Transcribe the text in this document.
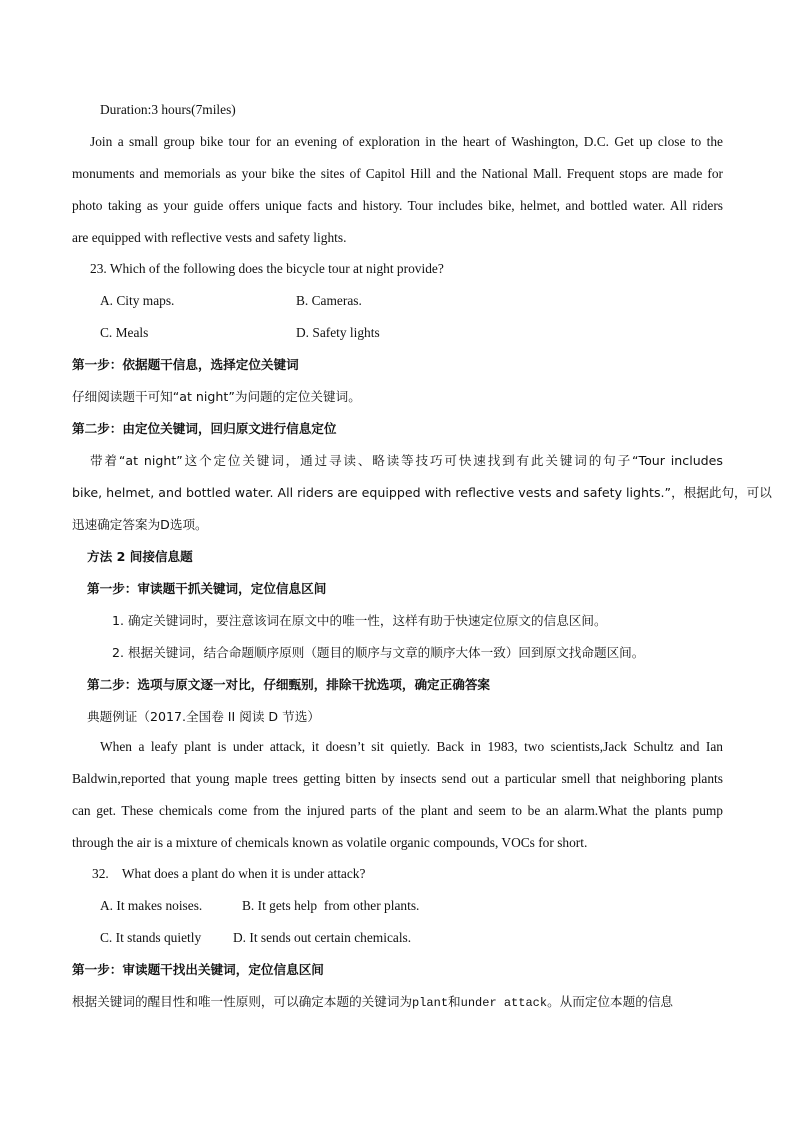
Duration:3 hours(7miles)
Join a small group bike tour for an evening of exploration in the heart of Washington, D.C. Get up close to the
monuments and memorials as your bike the sites of Capitol Hill and the National Mall. Frequent stops are made for
photo taking as your guide offers unique facts and history. Tour includes bike, helmet, and bottled water. All riders
are equipped with reflective vests and safety lights.
23. Which of the following does the bicycle tour at night provide?
A. City maps.	B. Cameras.
C. Meals	D. Safety lights
第一步：依据题干信息，选择定位关键词
仔细阅读题干可知“at night”为问题的定位关键词。
第二步：由定位关键词，回归原文进行信息定位
带着“at night”这个定位关键词，通过寻读、略读等技巧可快速找到有此关键词的句子“Tour includes
bike, helmet, and bottled water. All riders are equipped with reflective vests and safety lights.”，根据此句，可以
迅速确定答案为D选项。
方法 2 间接信息题
第一步：审读题干抓关键词，定位信息区间
1. 确定关键词时，要注意该词在原文中的唯一性，这样有助于快速定位原文的信息区间。
2. 根据关键词，结合命题顺序原则（题目的顺序与文章的顺序大体一致）回到原文找命题区间。
第二步：选项与原文逐一对比，仔细甄别，排除干扰选项，确定正确答案
典题例证（2017.全国卷 II 阅读 D 节选）
When a leafy plant is under attack, it doesn’t sit quietly. Back in 1983, two scientists,Jack Schultz and Ian
Baldwin,reported that young maple trees getting bitten by insects send out a particular smell that neighboring plants
can get. These chemicals come from the injured parts of the plant and seem to be an alarm.What the plants pump
through the air is a mixture of chemicals known as volatile organic compounds, VOCs for short.
32.    What does a plant do when it is under attack?
A. It makes noises.	B. It gets help  from other plants.
C. It stands quietly D. It sends out certain chemicals.
第一步：审读题干找出关键词，定位信息区间
根据关键词的醒目性和唯一性原则，可以确定本题的关键词为plant和under attack。从而定位本题的信息
